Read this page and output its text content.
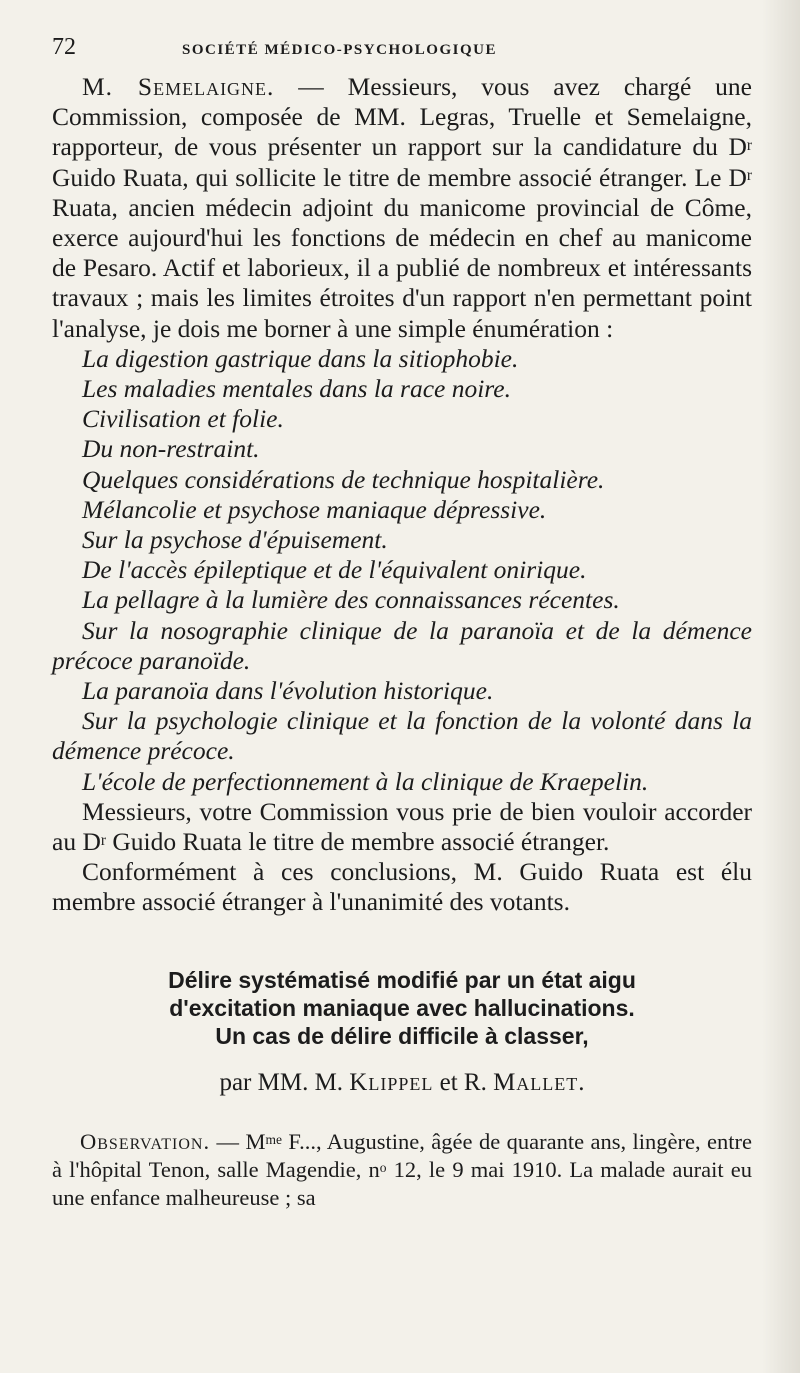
72	SOCIÉTÉ MÉDICO-PSYCHOLOGIQUE

M. Semelaigne. — Messieurs, vous avez chargé une Commission, composée de MM. Legras, Truelle et Semelaigne, rapporteur, de vous présenter un rapport sur la candidature du $D^r$ Guido Ruata, qui sollicite le titre de membre associé étranger. Le $D^r$ Ruata, ancien médecin adjoint du manicome provincial de Côme, exerce aujourd'hui les fonctions de médecin en chef au manicome de Pesaro. Actif et laborieux, il a publié de nombreux et intéressants travaux ; mais les limites étroites d'un rapport n'en permettant point l'analyse, je dois me borner à une simple énumération :

La digestion gastrique dans la sitiophobie.

Les maladies mentales dans la race noire.

Civilisation et folie.

Du non-restraint.

Quelques considérations de technique hospitalière.

Mélancolie et psychose maniaque dépressive.

Sur la psychose d'épuisement.

De l'accès épileptique et de l'équivalent onirique.

La pellagre à la lumière des connaissances récentes.

Sur la nosographie clinique de la paranoïa et de la démence précoce paranoïde.

La paranoïa dans l'évolution historique.

Sur la psychologie clinique et la fonction de la volonté dans la démence précoce.

L'école de perfectionnement à la clinique de Kraepelin.

Messieurs, votre Commission vous prie de bien vouloir accorder au $D^r$ Guido Ruata le titre de membre associé étranger.

Conformément à ces conclusions, M. Guido Ruata est élu membre associé étranger à l'unanimité des votants.

Délire systématisé modifié par un état aigu
d'excitation maniaque avec hallucinations.
Un cas de délire difficile à classer,
par MM. M. Klippel et R. Mallet.

Observation. — $M^{me}$ F..., Augustine, âgée de quarante ans, lingère, entre à l'hôpital Tenon, salle Magendie, $n^o$ 12, le 9 mai 1910. La malade aurait eu une enfance malheureuse ; sa
